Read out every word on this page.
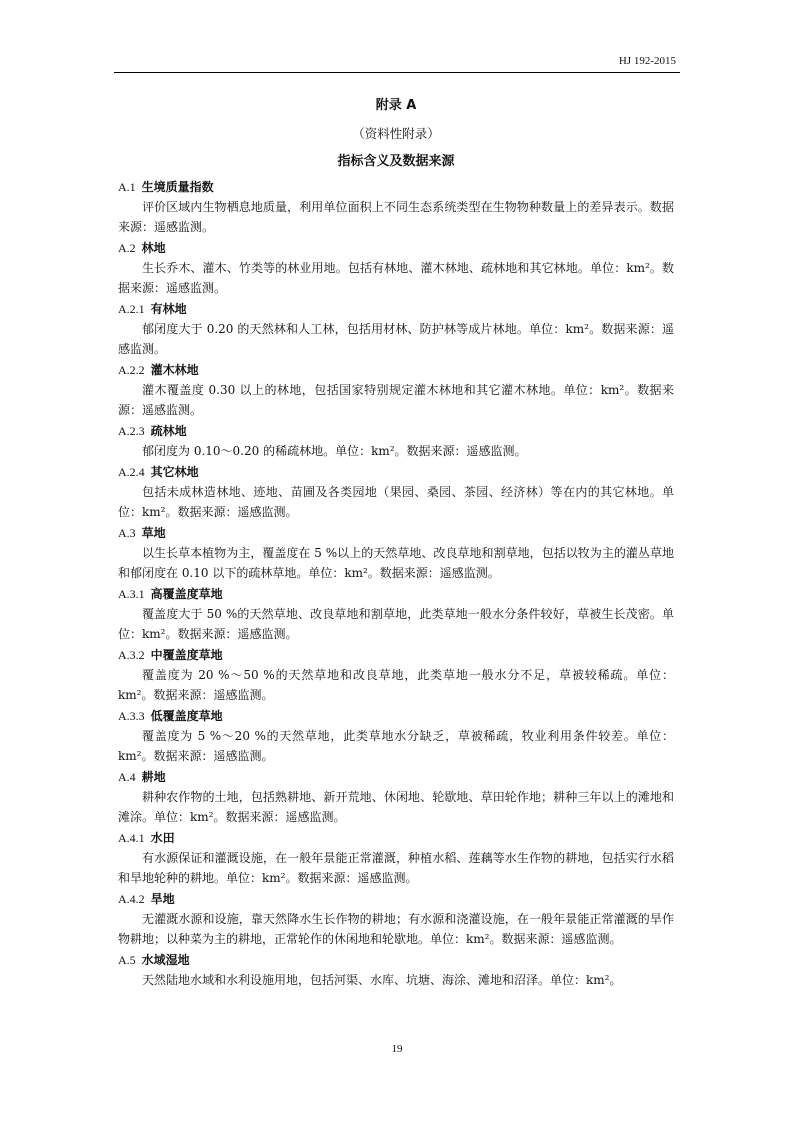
HJ 192-2015
附录 A
（资料性附录）
指标含义及数据来源
A.1 生境质量指数

评价区域内生物栖息地质量，利用单位面积上不同生态系统类型在生物物种数量上的差异表示。数据来源：遥感监测。

A.2 林地

生长乔木、灌木、竹类等的林业用地。包括有林地、灌木林地、疏林地和其它林地。单位：km²。数据来源：遥感监测。

A.2.1 有林地

郁闭度大于 0.20 的天然林和人工林，包括用材林、防护林等成片林地。单位：km²。数据来源：遥感监测。

A.2.2 灌木林地

灌木覆盖度 0.30 以上的林地，包括国家特别规定灌木林地和其它灌木林地。单位：km²。数据来源：遥感监测。

A.2.3 疏林地

郁闭度为 0.10～0.20 的稀疏林地。单位：km²。数据来源：遥感监测。

A.2.4 其它林地

包括未成林造林地、迹地、苗圃及各类园地（果园、桑园、茶园、经济林）等在内的其它林地。单位：km²。数据来源：遥感监测。

A.3 草地

以生长草本植物为主，覆盖度在 5 %以上的天然草地、改良草地和割草地，包括以牧为主的灌丛草地和郁闭度在 0.10 以下的疏林草地。单位：km²。数据来源：遥感监测。

A.3.1 高覆盖度草地

覆盖度大于 50 %的天然草地、改良草地和割草地，此类草地一般水分条件较好，草被生长茂密。单位：km²。数据来源：遥感监测。

A.3.2 中覆盖度草地

覆盖度为 20 %～50 %的天然草地和改良草地，此类草地一般水分不足，草被较稀疏。单位：km²。数据来源：遥感监测。

A.3.3 低覆盖度草地

覆盖度为 5 %～20 %的天然草地，此类草地水分缺乏，草被稀疏，牧业利用条件较差。单位：km²。数据来源：遥感监测。

A.4 耕地

耕种农作物的土地，包括熟耕地、新开荒地、休闲地、轮歇地、草田轮作地；耕种三年以上的滩地和滩涂。单位：km²。数据来源：遥感监测。

A.4.1 水田

有水源保证和灌溉设施，在一般年景能正常灌溉，种植水稻、莲藕等水生作物的耕地，包括实行水稻和旱地轮种的耕地。单位：km²。数据来源：遥感监测。

A.4.2 旱地

无灌溉水源和设施，靠天然降水生长作物的耕地；有水源和浇灌设施，在一般年景能正常灌溉的旱作物耕地；以种菜为主的耕地，正常轮作的休闲地和轮歇地。单位：km²。数据来源：遥感监测。

A.5 水域湿地

天然陆地水域和水利设施用地，包括河渠、水库、坑塘、海涂、滩地和沼泽。单位：km²。

19
